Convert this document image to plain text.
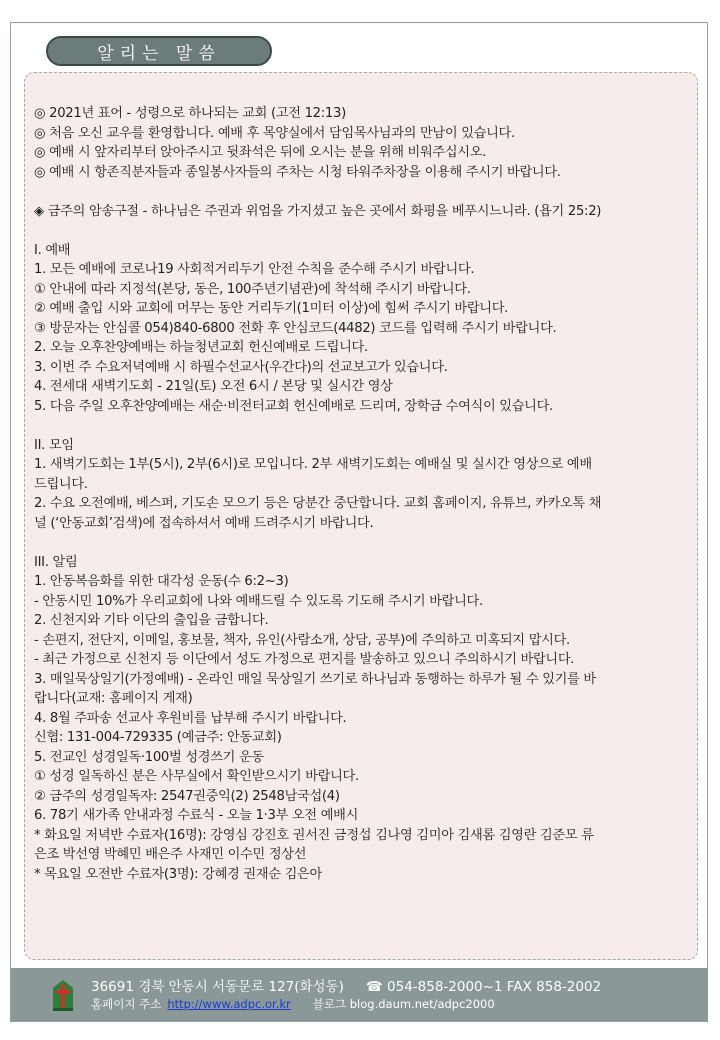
알리는 말씀
◎ 2021년 표어 - 성령으로 하나되는 교회 (고전 12:13)
◎ 처음 오신 교우를 환영합니다. 예배 후 목양실에서 담임목사님과의 만남이 있습니다.
◎ 예배 시 앞자리부터 앉아주시고 뒷좌석은 뒤에 오시는 분을 위해 비워주십시오.
◎ 예배 시 항존직분자들과 종일봉사자들의 주차는 시청 타워주차장을 이용해 주시기 바랍니다.
◈ 금주의 암송구절 - 하나님은 주권과 위엄을 가지셨고 높은 곳에서 화평을 베푸시느니라. (욥기 25:2)
I. 예배
1. 모든 예배에 코로나19 사회적거리두기 안전 수칙을 준수해 주시기 바랍니다.
① 안내에 따라 지정석(본당, 동은, 100주년기념관)에 착석해 주시기 바랍니다.
② 예배 출입 시와 교회에 머무는 동안 거리두기(1미터 이상)에 힘써 주시기 바랍니다.
③ 방문자는 안심콜 054)840-6800 전화 후 안심코드(4482) 코드를 입력해 주시기 바랍니다.
2. 오늘 오후찬양예배는 하늘청년교회 헌신예배로 드립니다.
3. 이번 주 수요저녁예배 시 하필수선교사(우간다)의 선교보고가 있습니다.
4. 전세대 새벽기도회 - 21일(토) 오전 6시 / 본당 및 실시간 영상
5. 다음 주일 오후찬양예배는 새순·비전터교회 헌신예배로 드리며, 장학금 수여식이 있습니다.
II. 모임
1. 새벽기도회는 1부(5시), 2부(6시)로 모입니다. 2부 새벽기도회는 예배실 및 실시간 영상으로 예배
드립니다.
2. 수요 오전예배, 베스퍼, 기도손 모으기 등은 당분간 중단합니다. 교회 홈페이지, 유튜브, 카카오톡 채
널 (‘안동교회’검색)에 접속하셔서 예배 드려주시기 바랍니다.
III. 알림
1. 안동복음화를 위한 대각성 운동(수 6:2~3)
- 안동시민 10%가 우리교회에 나와 예배드릴 수 있도록 기도해 주시기 바랍니다.
2. 신천지와 기타 이단의 출입을 금합니다.
- 손편지, 전단지, 이메일, 홍보물, 책자, 유인(사람소개, 상담, 공부)에 주의하고 미혹되지 맙시다.
- 최근 가정으로 신천지 등 이단에서 성도 가정으로 편지를 발송하고 있으니 주의하시기 바랍니다.
3. 매일묵상일기(가정예배) - 온라인 매일 묵상일기 쓰기로 하나님과 동행하는 하루가 될 수 있기를 바
랍니다(교재: 홈페이지 게재)
4. 8월 주파송 선교사 후원비를 납부해 주시기 바랍니다.
신협: 131-004-729335 (예금주: 안동교회)
5. 전교인 성경일독·100벌 성경쓰기 운동
① 성경 일독하신 분은 사무실에서 확인받으시기 바랍니다.
② 금주의 성경일독자: 2547권중익(2) 2548남국섭(4)
6. 78기 새가족 안내과정 수료식 - 오늘 1·3부 오전 예배시
* 화요일 저녁반 수료자(16명): 강영심 강진호 권서진 금정섭 김나영 김미아 김새롬 김영란 김준모 류
은조 박선영 박혜민 배은주 사재민 이수민 정상선
* 목요일 오전반 수료자(3명): 강혜경 권재순 김은아
36691 경북 안동시 서동문로 127(화성동) ☎ 054-858-2000~1 FAX 858-2002
홈페이지 주소 http://www.adpc.or.kr 블로그 blog.daum.net/adpc2000
